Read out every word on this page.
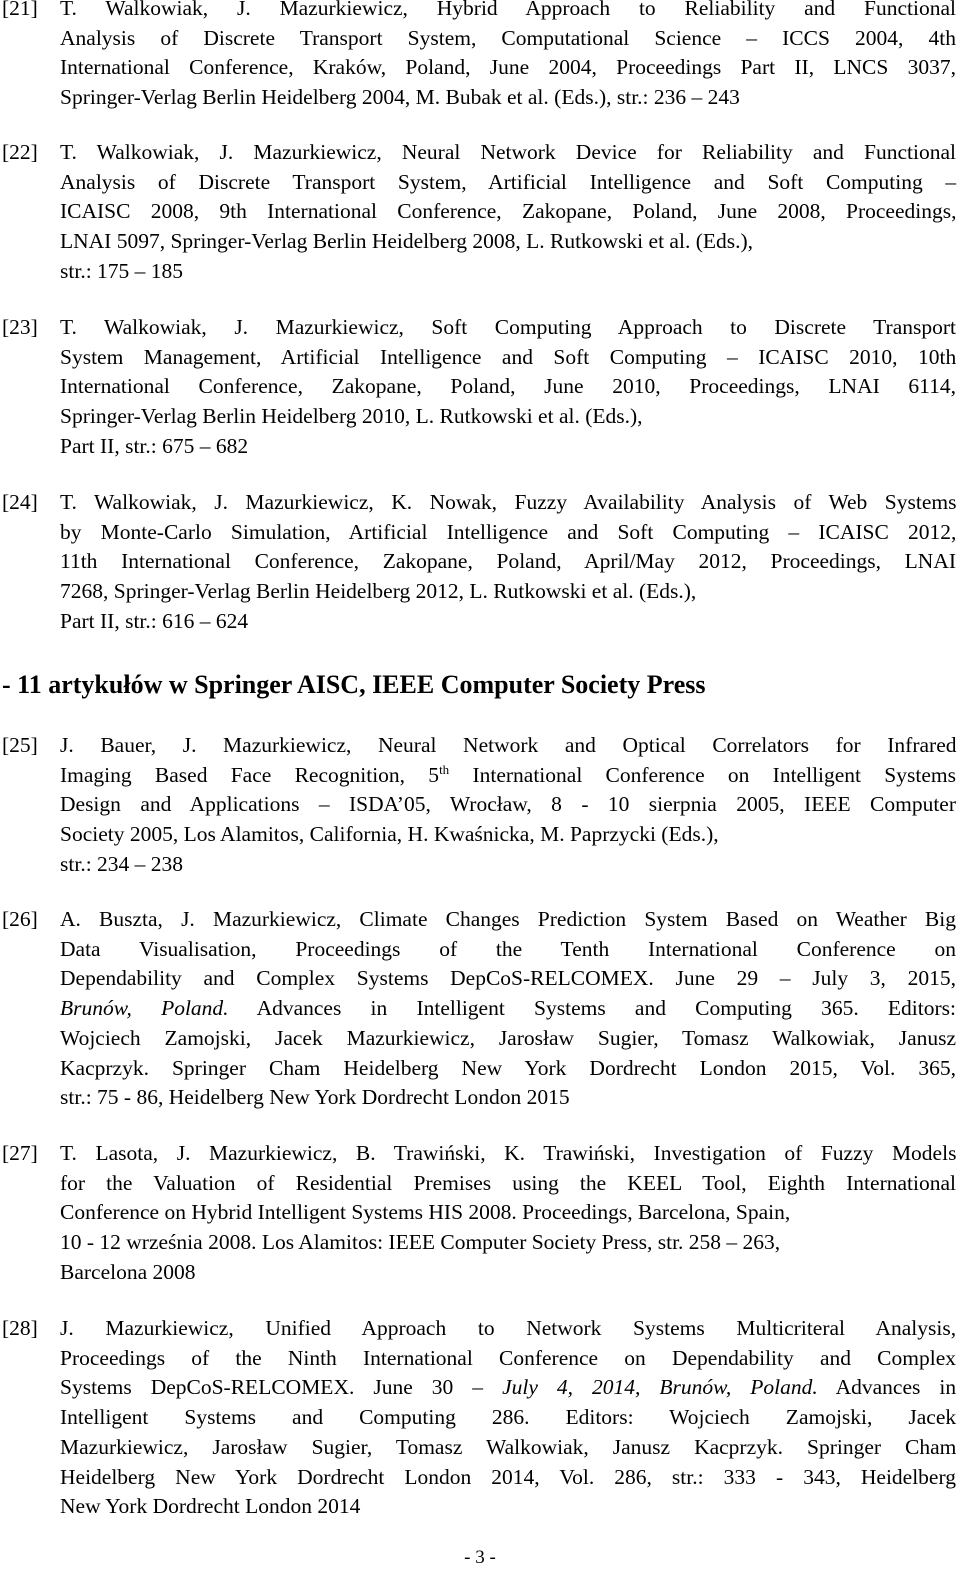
[21] T. Walkowiak, J. Mazurkiewicz, Hybrid Approach to Reliability and Functional
Analysis of Discrete Transport System, Computational Science – ICCS 2004, 4th
International Conference, Kraków, Poland, June 2004, Proceedings Part II, LNCS 3037,
Springer-Verlag Berlin Heidelberg 2004, M. Bubak et al. (Eds.), str.: 236 – 243
[22] T. Walkowiak, J. Mazurkiewicz, Neural Network Device for Reliability and Functional
Analysis of Discrete Transport System, Artificial Intelligence and Soft Computing –
ICAISC 2008, 9th International Conference, Zakopane, Poland, June 2008, Proceedings,
LNAI 5097, Springer-Verlag Berlin Heidelberg 2008, L. Rutkowski et al. (Eds.),
str.: 175 – 185
[23] T. Walkowiak, J. Mazurkiewicz, Soft Computing Approach to Discrete Transport
System Management, Artificial Intelligence and Soft Computing – ICAISC 2010, 10th
International Conference, Zakopane, Poland, June 2010, Proceedings, LNAI 6114,
Springer-Verlag Berlin Heidelberg 2010, L. Rutkowski et al. (Eds.),
Part II, str.: 675 – 682
[24] T. Walkowiak, J. Mazurkiewicz, K. Nowak, Fuzzy Availability Analysis of Web Systems
by Monte-Carlo Simulation, Artificial Intelligence and Soft Computing – ICAISC 2012,
11th International Conference, Zakopane, Poland, April/May 2012, Proceedings, LNAI
7268, Springer-Verlag Berlin Heidelberg 2012, L. Rutkowski et al. (Eds.),
Part II, str.: 616 – 624
- 11 artykułów w Springer AISC, IEEE Computer Society Press
[25] J. Bauer, J. Mazurkiewicz, Neural Network and Optical Correlators for Infrared
Imaging Based Face Recognition, 5th International Conference on Intelligent Systems
Design and Applications – ISDA’05, Wrocław, 8 - 10 sierpnia 2005, IEEE Computer
Society 2005, Los Alamitos, California, H. Kwaśnicka, M. Paprzycki (Eds.),
str.: 234 – 238
[26] A. Buszta, J. Mazurkiewicz, Climate Changes Prediction System Based on Weather Big
Data Visualisation, Proceedings of the Tenth International Conference on
Dependability and Complex Systems DepCoS-RELCOMEX. June 29 – July 3, 2015,
Brunów, Poland. Advances in Intelligent Systems and Computing 365. Editors:
Wojciech Zamojski, Jacek Mazurkiewicz, Jarosław Sugier, Tomasz Walkowiak, Janusz
Kacprzyk. Springer Cham Heidelberg New York Dordrecht London 2015, Vol. 365,
str.: 75 - 86, Heidelberg New York Dordrecht London 2015
[27] T. Lasota, J. Mazurkiewicz, B. Trawiński, K. Trawiński, Investigation of Fuzzy Models
for the Valuation of Residential Premises using the KEEL Tool, Eighth International
Conference on Hybrid Intelligent Systems HIS 2008. Proceedings, Barcelona, Spain,
10 - 12 września 2008. Los Alamitos: IEEE Computer Society Press, str. 258 – 263,
Barcelona 2008
[28] J. Mazurkiewicz, Unified Approach to Network Systems Multicriteral Analysis,
Proceedings of the Ninth International Conference on Dependability and Complex
Systems DepCoS-RELCOMEX. June 30 – July 4, 2014, Brunów, Poland. Advances in
Intelligent Systems and Computing 286. Editors: Wojciech Zamojski, Jacek
Mazurkiewicz, Jarosław Sugier, Tomasz Walkowiak, Janusz Kacprzyk. Springer Cham
Heidelberg New York Dordrecht London 2014, Vol. 286, str.: 333 - 343, Heidelberg
New York Dordrecht London 2014
- 3 -
